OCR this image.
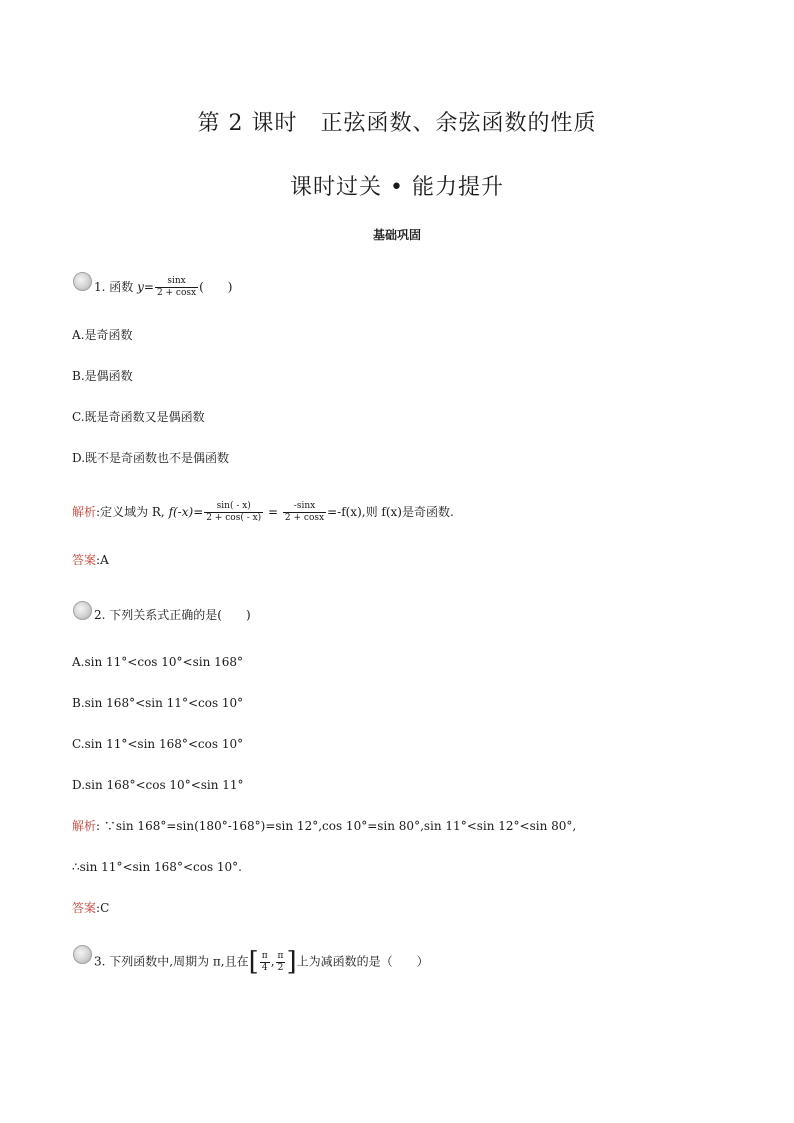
第 2 课时　正弦函数、余弦函数的性质
课时过关 • 能力提升
基础巩固
1. 函数 $y= \frac{\sin x}{2 + \cos x}$ (　　)
A.是奇函数
B.是偶函数
C.既是奇函数又是偶函数
D.既不是奇函数也不是偶函数
解析:定义域为 R, $f(-x)= \frac{\sin( - x)}{2 + \cos( - x)} = \frac{-\sin x}{2 + \cos x} =-f(x)$,则 f(x)是奇函数.
答案:A
2. 下列关系式正确的是(　　)
A.sin 11°<cos 10°<sin 168°
B.sin 168°<sin 11°<cos 10°
C.sin 11°<sin 168°<cos 10°
D.sin 168°<cos 10°<sin 11°
解析: ∵sin 168°=sin(180°-168°)=sin 12°,cos 10°=sin 80°,sin 11°<sin 12°<sin 80°,
∴sin 11°<sin 168°<cos 10°.
答案:C
3. 下列函数中,周期为 π,且在[ $\frac{\pi}{4}$ , $\frac{\pi}{2}$ ]上为减函数的是（　　）
